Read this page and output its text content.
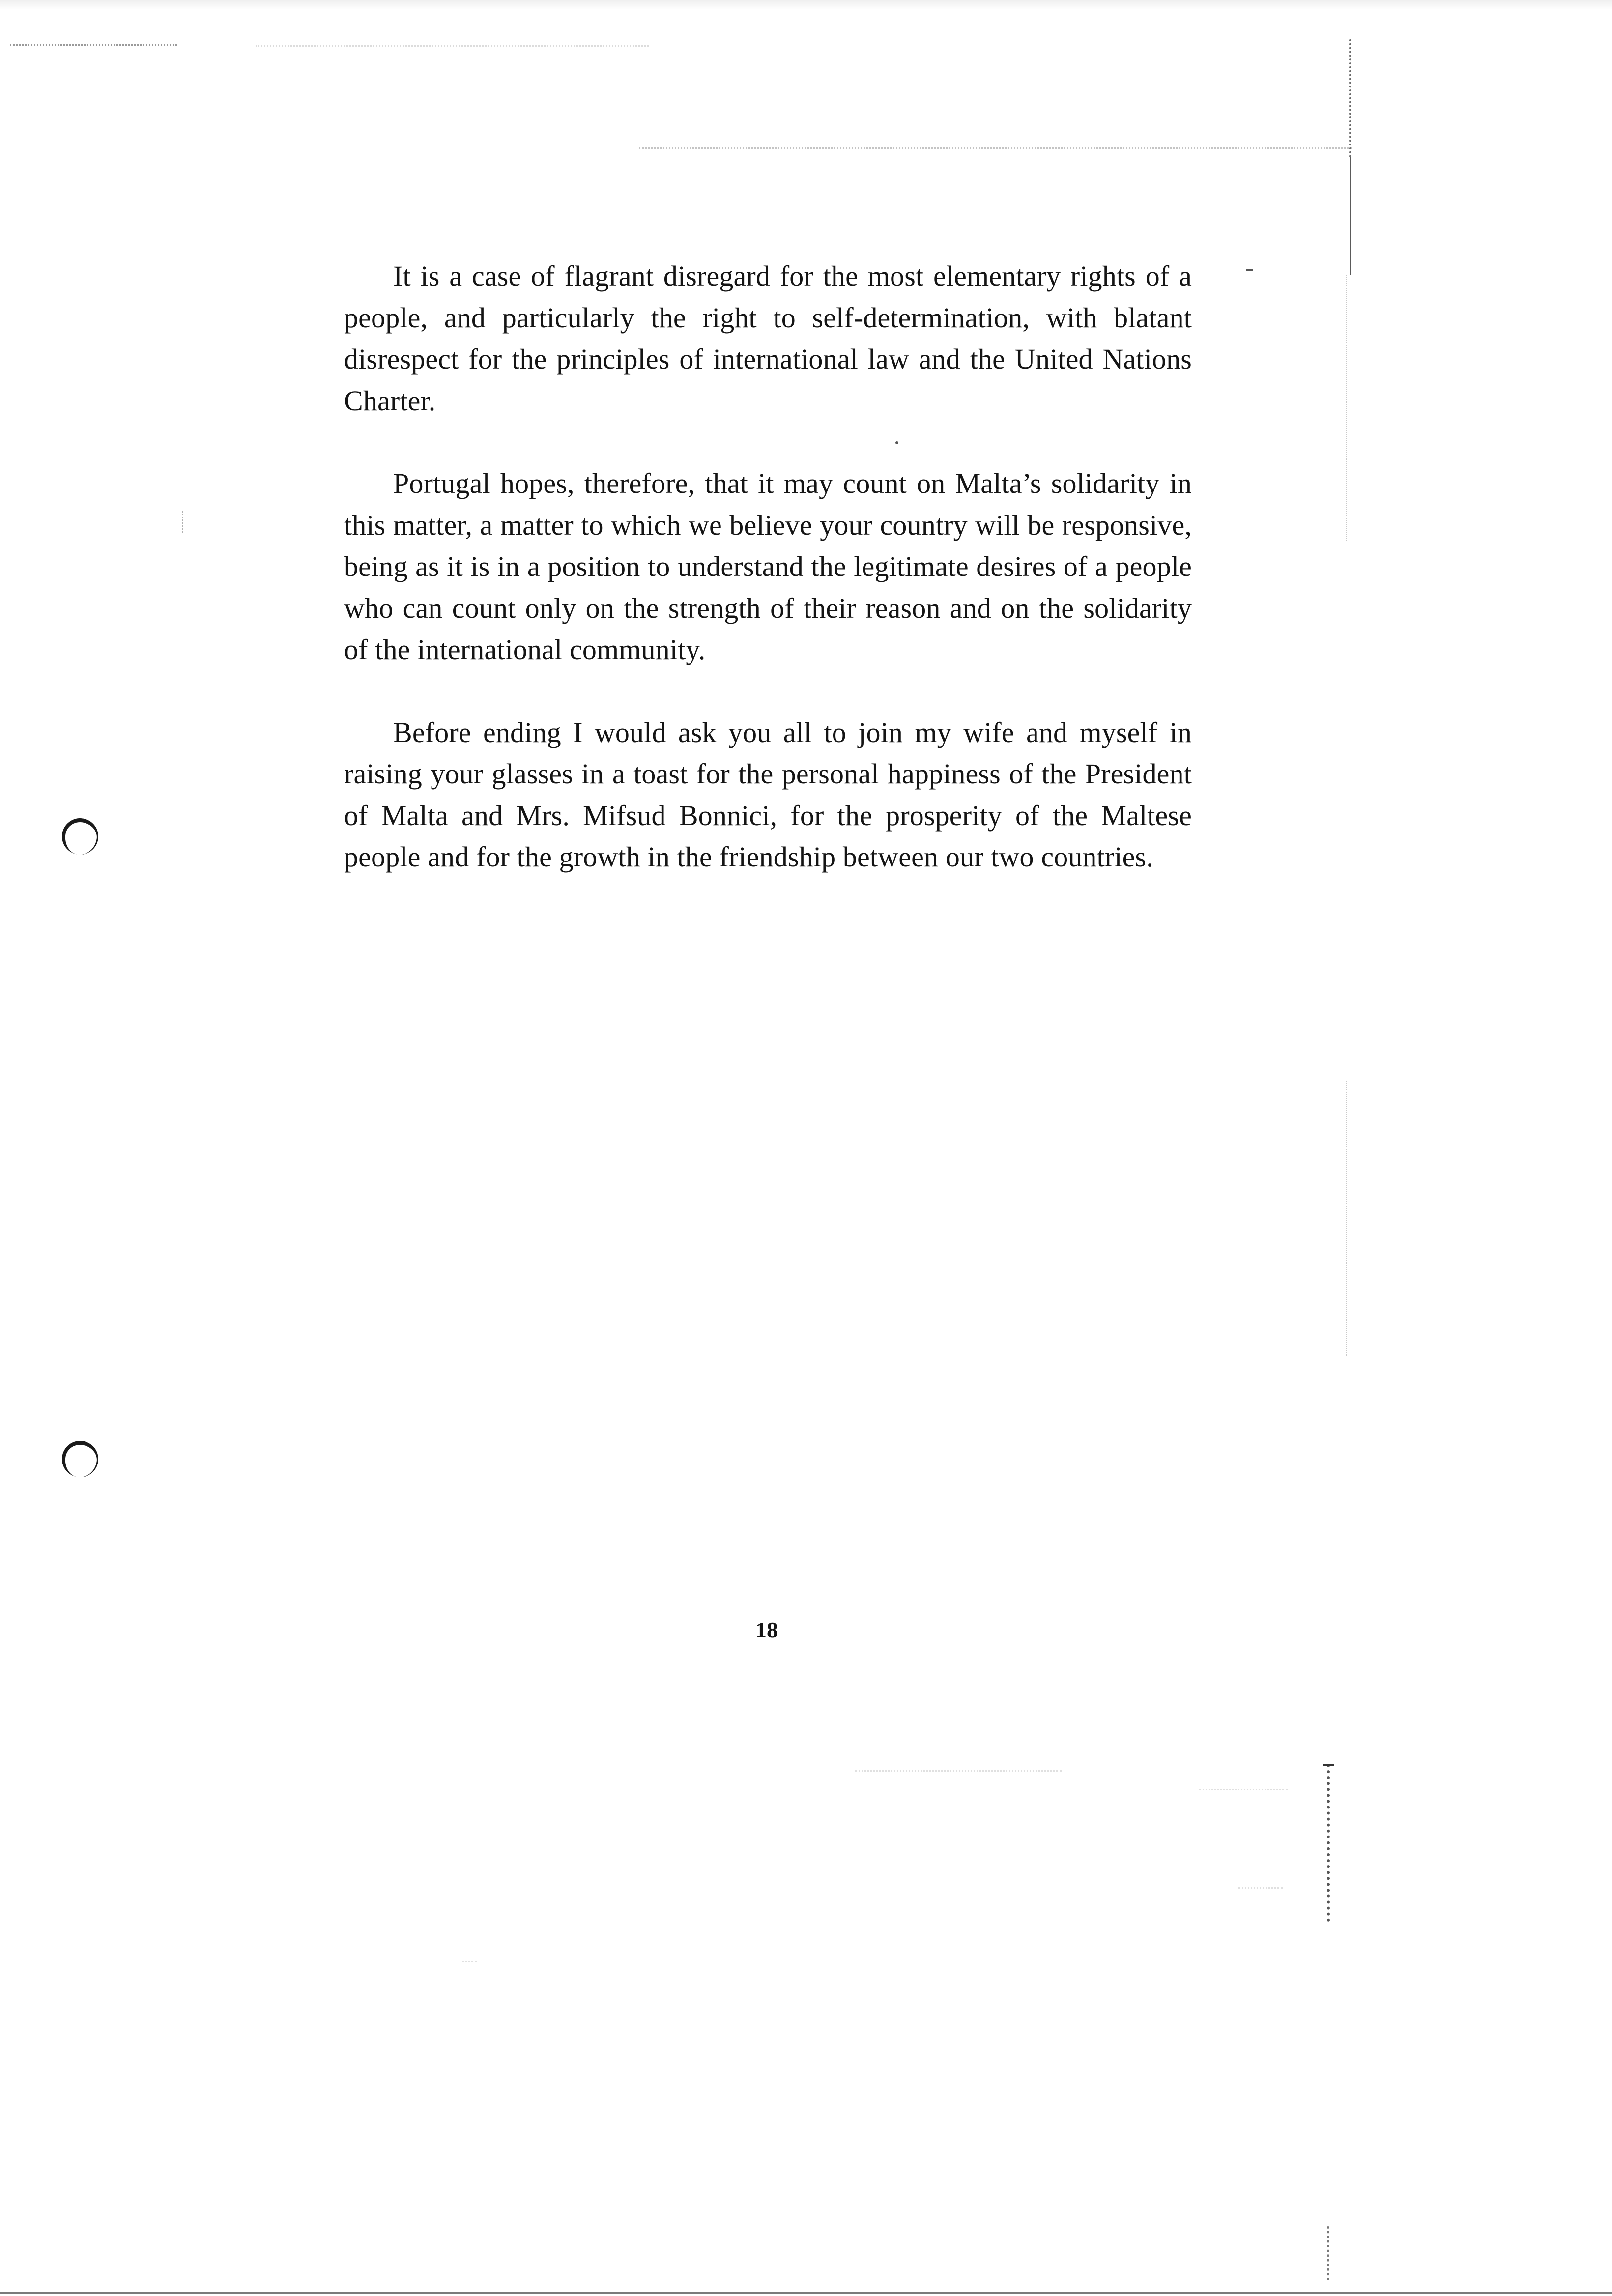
It is a case of flagrant disregard for the most elementary rights of a people, and particularly the right to self-determination, with blatant disrespect for the principles of international law and the United Nations Charter.

Portugal hopes, therefore, that it may count on Malta’s solidarity in this matter, a matter to which we believe your country will be responsive, being as it is in a position to understand the legitimate desires of a people who can count only on the strength of their reason and on the solidarity of the international community.

Before ending I would ask you all to join my wife and myself in raising your glasses in a toast for the personal happiness of the President of Malta and Mrs. Mifsud Bonnici, for the prosperity of the Maltese people and for the growth in the friendship between our two countries.

18
